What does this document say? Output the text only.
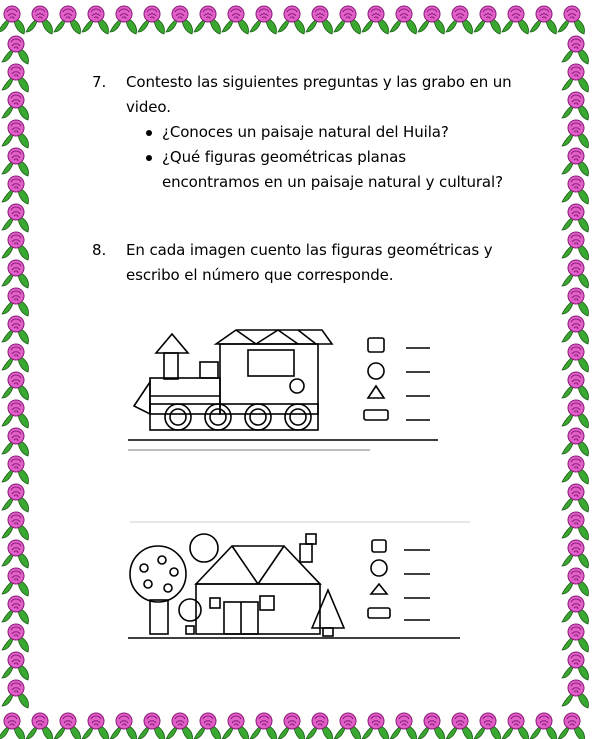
7. Contesto las siguientes preguntas y las grabo en un video.
¿Conoces un paisaje natural del Huila?
¿Qué figuras geométricas planas encontramos en un paisaje natural y cultural?
8. En cada imagen cuento las figuras geométricas y escribo el número que corresponde.
